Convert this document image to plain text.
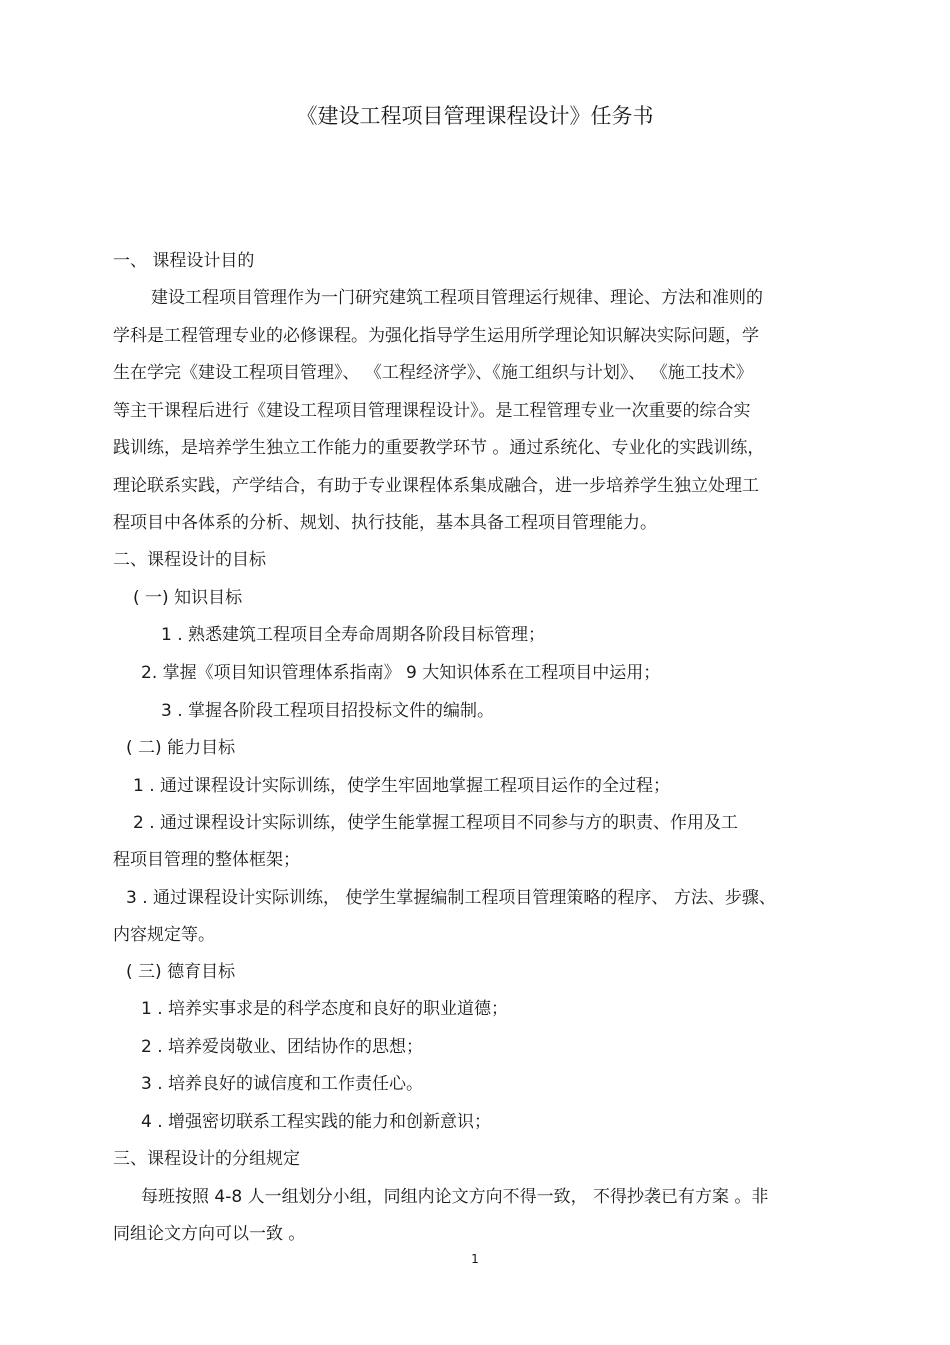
《建设工程项目管理课程设计》任务书
一、 课程设计目的
建设工程项目管理作为一门研究建筑工程项目管理运行规律、理论、方法和准则的
学科是工程管理专业的必修课程。为强化指导学生运用所学理论知识解决实际问题，学
生在学完《建设工程项目管理》、 《工程经济学》、《施工组织与计划》、 《施工技术》
等主干课程后进行《建设工程项目管理课程设计》。是工程管理专业一次重要的综合实
践训练，是培养学生独立工作能力的重要教学环节 。通过系统化、专业化的实践训练，
理论联系实践，产学结合，有助于专业课程体系集成融合，进一步培养学生独立处理工
程项目中各体系的分析、规划、执行技能，基本具备工程项目管理能力。
二、课程设计的目标
( 一) 知识目标
1 . 熟悉建筑工程项目全寿命周期各阶段目标管理；
2. 掌握《项目知识管理体系指南》 9 大知识体系在工程项目中运用；
3 . 掌握各阶段工程项目招投标文件的编制。
( 二) 能力目标
1 . 通过课程设计实际训练，使学生牢固地掌握工程项目运作的全过程；
2 . 通过课程设计实际训练，使学生能掌握工程项目不同参与方的职责、作用及工
程项目管理的整体框架；
3 . 通过课程设计实际训练， 使学生掌握编制工程项目管理策略的程序、 方法、步骤、
内容规定等。
( 三) 德育目标
1 . 培养实事求是的科学态度和良好的职业道德；
2 . 培养爱岗敬业、团结协作的思想；
3 . 培养良好的诚信度和工作责任心。
4 . 增强密切联系工程实践的能力和创新意识；
三、课程设计的分组规定
每班按照 4-8 人一组划分小组，同组内论文方向不得一致， 不得抄袭已有方案 。非
同组论文方向可以一致 。
1
